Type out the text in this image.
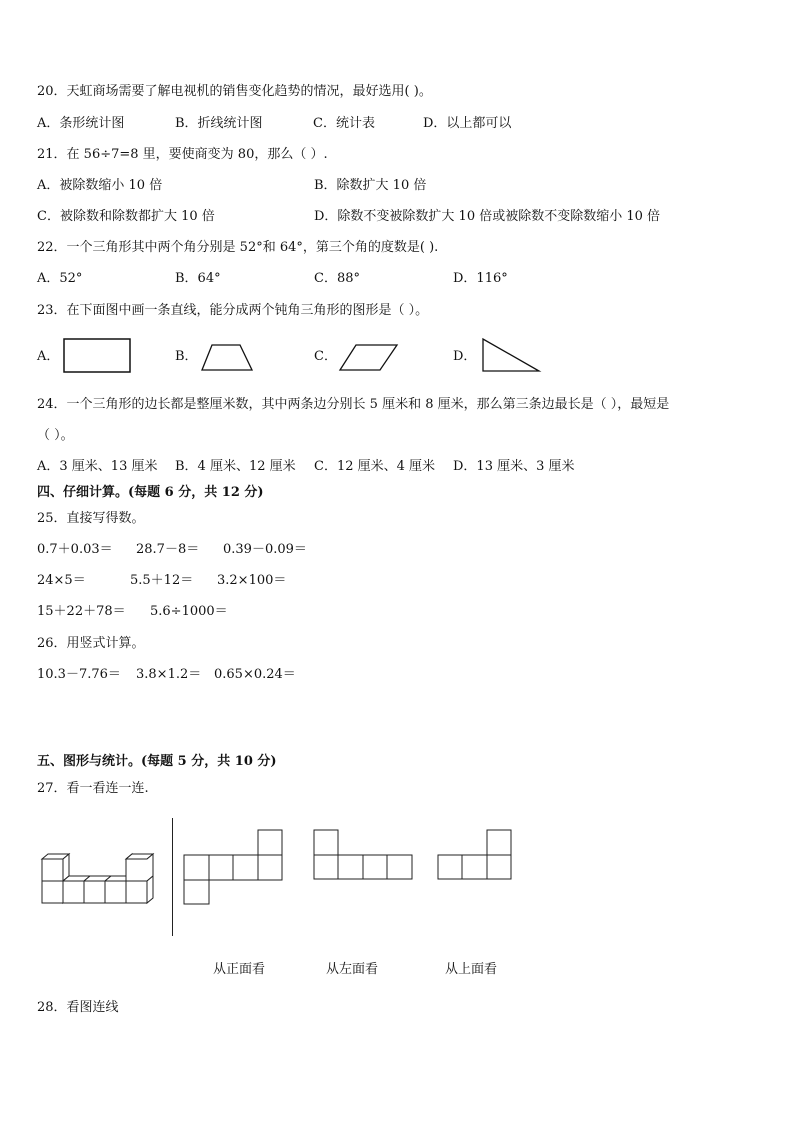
20．天虹商场需要了解电视机的销售变化趋势的情况，最好选用( )。
A．条形统计图	B．折线统计图	C．统计表	D．以上都可以
21．在 56÷7=8 里，要使商变为 80，那么（ ）.
A．被除数缩小 10 倍	B．除数扩大 10 倍
C．被除数和除数都扩大 10 倍	D．除数不变被除数扩大 10 倍或被除数不变除数缩小 10 倍
22．一个三角形其中两个角分别是 52°和 64°，第三个角的度数是( ).
A．52°	B．64°	C．88°	D．116°
23．在下面图中画一条直线，能分成两个钝角三角形的图形是（ ）。
A．	B．	C．	D．
24．一个三角形的边长都是整厘米数，其中两条边分别长 5 厘米和 8 厘米，那么第三条边最长是（ ），最短是
（ ）。
A．3 厘米、13 厘米 B．4 厘米、12 厘米 C．12 厘米、4 厘米 D．13 厘米、3 厘米
四、仔细计算。(每题 6 分，共 12 分)
25．直接写得数。
0.7＋0.03＝ 28.7－8＝ 0.39－0.09＝
24×5＝	5.5＋12＝ 3.2×100＝
15＋22＋78＝ 5.6÷1000＝
26．用竖式计算。
10.3－7.76＝ 3.8×1.2＝ 0.65×0.24＝
五、图形与统计。(每题 5 分，共 10 分)
27．看一看连一连.
从正面看	从左面看	从上面看
28．看图连线
